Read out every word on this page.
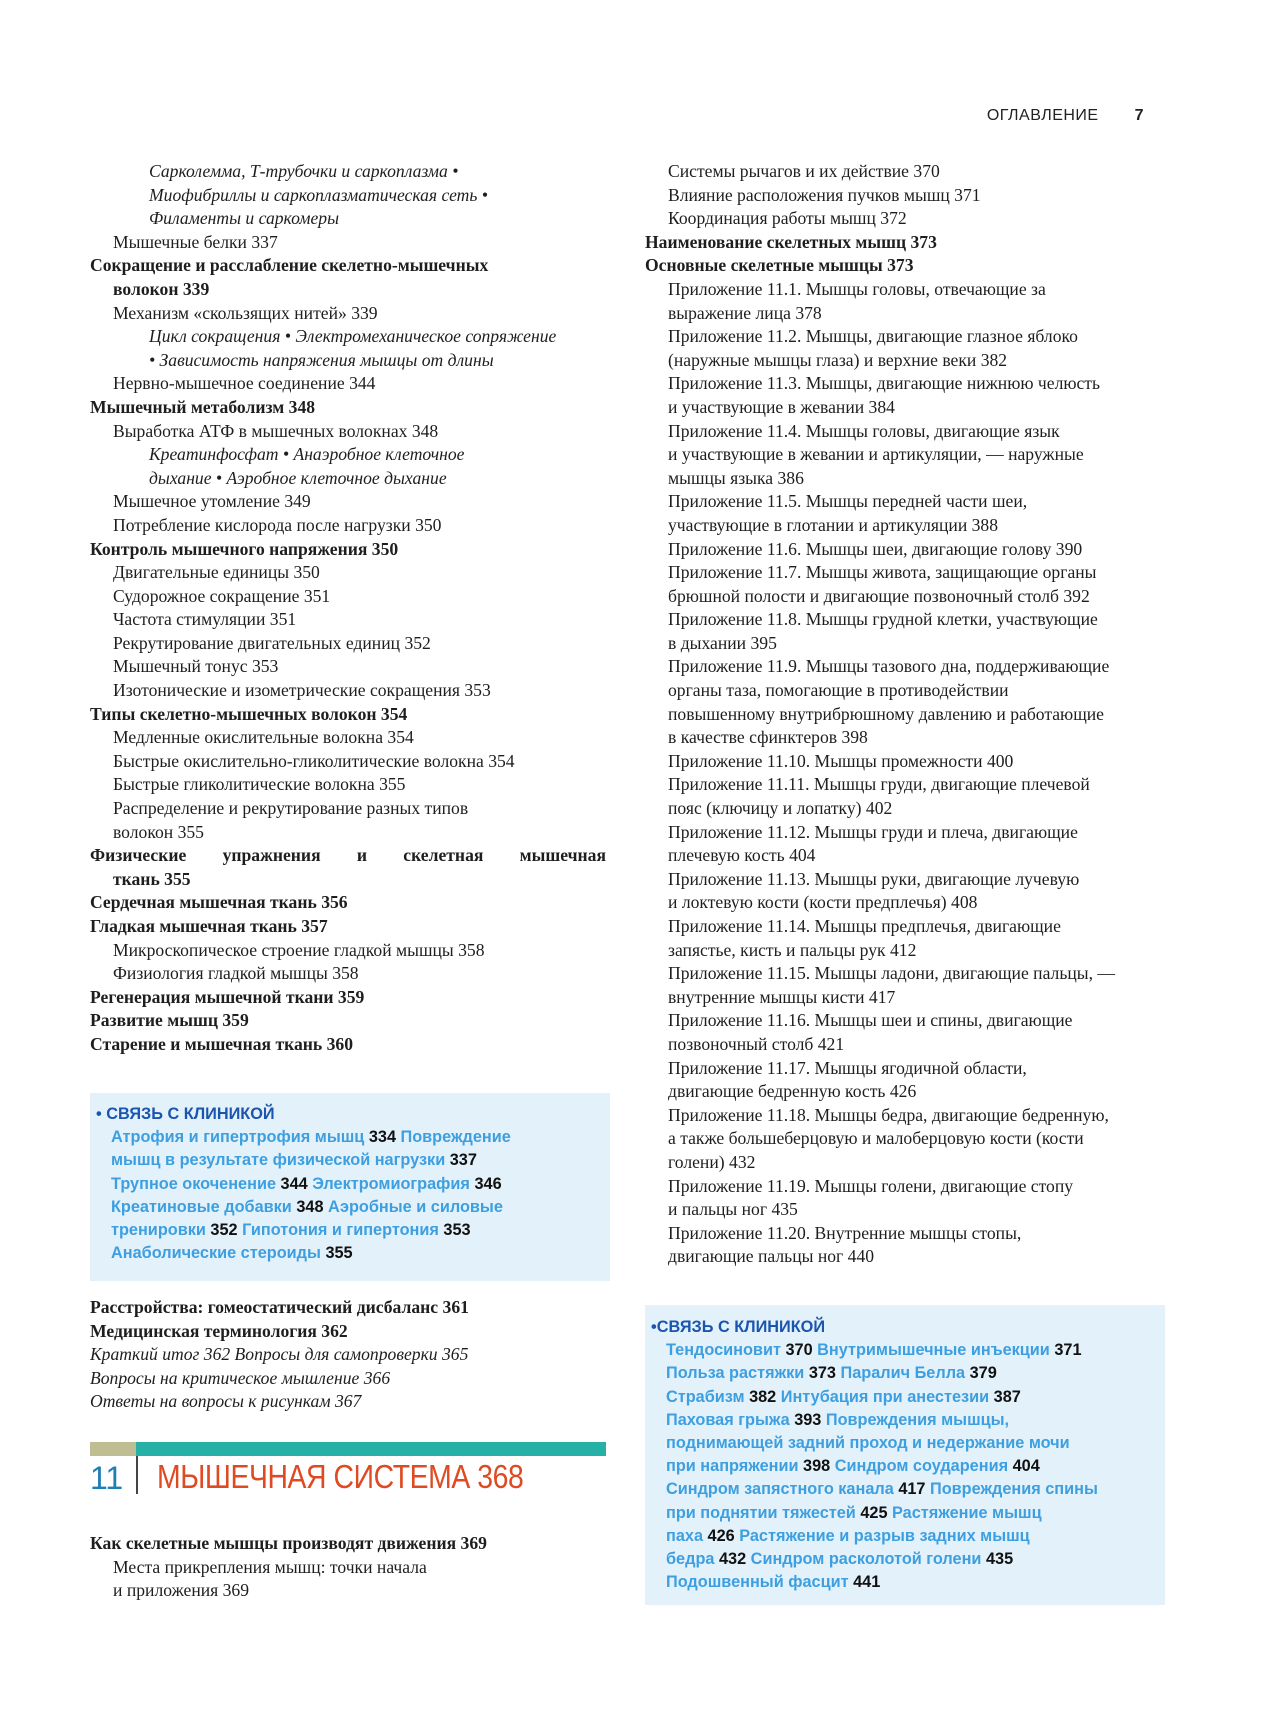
ОГЛАВЛЕНИЕ 7
Сарколемма, Т-трубочки и саркоплазма •
Миофибриллы и саркоплазматическая сеть •
Филаменты и саркомеры
Мышечные белки 337
Сокращение и расслабление скелетно-мышечных
волокон 339
Механизм «скользящих нитей» 339
Цикл сокращения • Электромеханическое сопряжение
• Зависимость напряжения мышцы от длины
Нервно-мышечное соединение 344
Мышечный метаболизм 348
Выработка АТФ в мышечных волокнах 348
Креатинфосфат • Анаэробное клеточное
дыхание • Аэробное клеточное дыхание
Мышечное утомление 349
Потребление кислорода после нагрузки 350
Контроль мышечного напряжения 350
Двигательные единицы 350
Судорожное сокращение 351
Частота стимуляции 351
Рекрутирование двигательных единиц 352
Мышечный тонус 353
Изотонические и изометрические сокращения 353
Типы скелетно-мышечных волокон 354
Медленные окислительные волокна 354
Быстрые окислительно-гликолитические волокна 354
Быстрые гликолитические волокна 355
Распределение и рекрутирование разных типов
волокон 355
Физические упражнения и скелетная мышечная
ткань 355
Сердечная мышечная ткань 356
Гладкая мышечная ткань 357
Микроскопическое строение гладкой мышцы 358
Физиология гладкой мышцы 358
Регенерация мышечной ткани 359
Развитие мышц 359
Старение и мышечная ткань 360
• СВЯЗЬ С КЛИНИКОЙ
Атрофия и гипертрофия мышц 334 Повреждение
мышц в результате физической нагрузки 337
Трупное окоченение 344 Электромиография 346
Креатиновые добавки 348 Аэробные и силовые
тренировки 352 Гипотония и гипертония 353
Анаболические стероиды 355
Расстройства: гомеостатический дисбаланс 361
Медицинская терминология 362
Краткий итог 362 Вопросы для самопроверки 365
Вопросы на критическое мышление 366
Ответы на вопросы к рисункам 367
11 МЫШЕЧНАЯ СИСТЕМА 368
Как скелетные мышцы производят движения 369
Места прикрепления мышц: точки начала
и приложения 369
Системы рычагов и их действие 370
Влияние расположения пучков мышц 371
Координация работы мышц 372
Наименование скелетных мышц 373
Основные скелетные мышцы 373
Приложение 11.1. Мышцы головы, отвечающие за
выражение лица 378
Приложение 11.2. Мышцы, двигающие глазное яблоко
(наружные мышцы глаза) и верхние веки 382
Приложение 11.3. Мышцы, двигающие нижнюю челюсть
и участвующие в жевании 384
Приложение 11.4. Мышцы головы, двигающие язык
и участвующие в жевании и артикуляции, — наружные
мышцы языка 386
Приложение 11.5. Мышцы передней части шеи,
участвующие в глотании и артикуляции 388
Приложение 11.6. Мышцы шеи, двигающие голову 390
Приложение 11.7. Мышцы живота, защищающие органы
брюшной полости и двигающие позвоночный столб 392
Приложение 11.8. Мышцы грудной клетки, участвующие
в дыхании 395
Приложение 11.9. Мышцы тазового дна, поддерживающие
органы таза, помогающие в противодействии
повышенному внутрибрюшному давлению и работающие
в качестве сфинктеров 398
Приложение 11.10. Мышцы промежности 400
Приложение 11.11. Мышцы груди, двигающие плечевой
пояс (ключицу и лопатку) 402
Приложение 11.12. Мышцы груди и плеча, двигающие
плечевую кость 404
Приложение 11.13. Мышцы руки, двигающие лучевую
и локтевую кости (кости предплечья) 408
Приложение 11.14. Мышцы предплечья, двигающие
запястье, кисть и пальцы рук 412
Приложение 11.15. Мышцы ладони, двигающие пальцы, —
внутренние мышцы кисти 417
Приложение 11.16. Мышцы шеи и спины, двигающие
позвоночный столб 421
Приложение 11.17. Мышцы ягодичной области,
двигающие бедренную кость 426
Приложение 11.18. Мышцы бедра, двигающие бедренную,
а также большеберцовую и малоберцовую кости (кости
голени) 432
Приложение 11.19. Мышцы голени, двигающие стопу
и пальцы ног 435
Приложение 11.20. Внутренние мышцы стопы,
двигающие пальцы ног 440
•СВЯЗЬ С КЛИНИКОЙ
Тендосиновит 370 Внутримышечные инъекции 371
Польза растяжки 373 Паралич Белла 379
Страбизм 382 Интубация при анестезии 387
Паховая грыжа 393 Повреждения мышцы,
поднимающей задний проход и недержание мочи
при напряжении 398 Синдром соударения 404
Синдром запястного канала 417 Повреждения спины
при поднятии тяжестей 425 Растяжение мышц
паха 426 Растяжение и разрыв задних мышц
бедра 432 Синдром расколотой голени 435
Подошвенный фасцит 441
